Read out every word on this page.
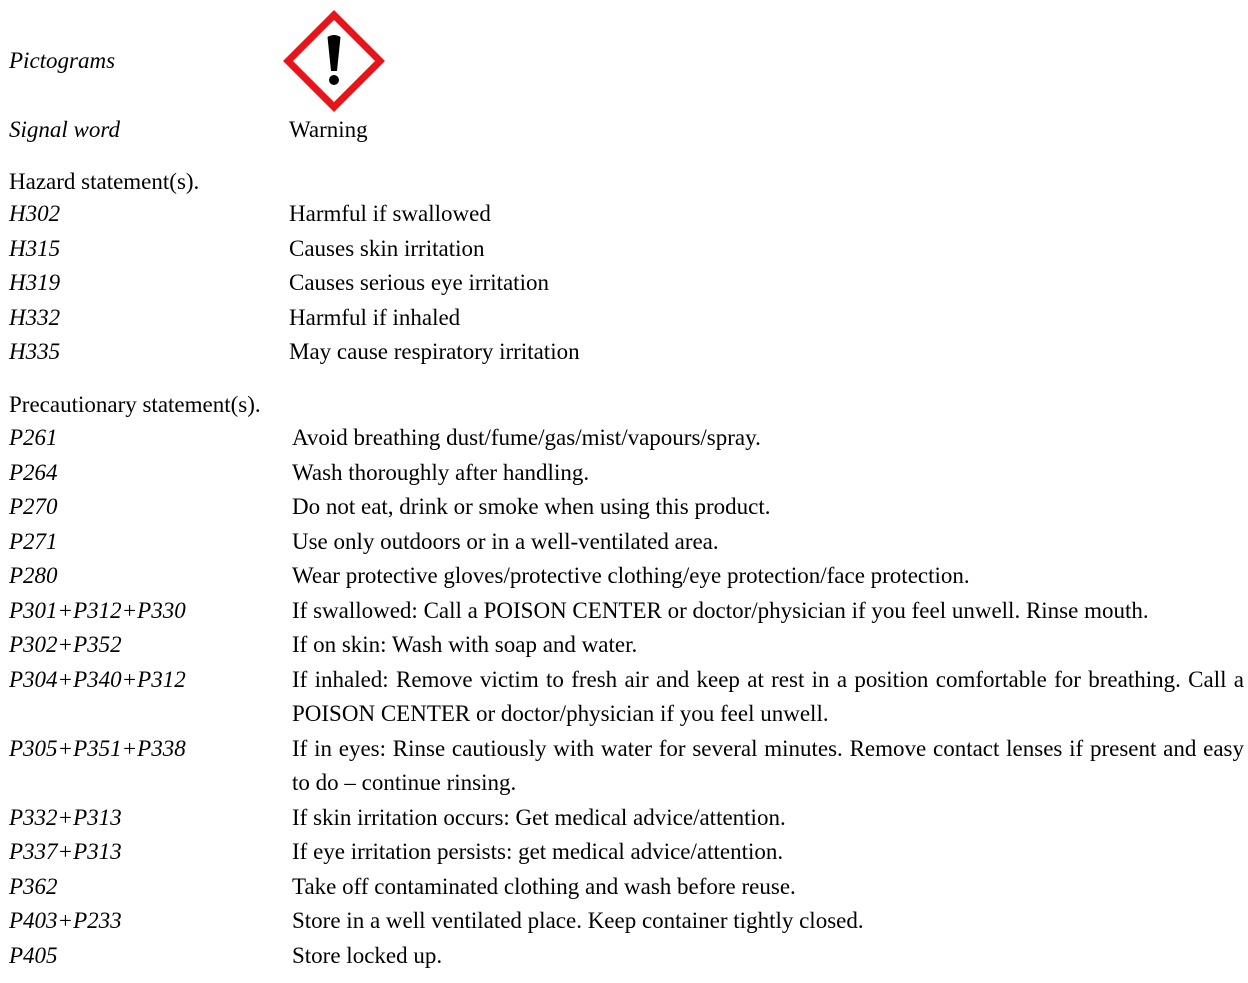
Pictograms
Signal word	Warning
Hazard statement(s).
H302	Harmful if swallowed
H315	Causes skin irritation
H319	Causes serious eye irritation
H332	Harmful if inhaled
H335	May cause respiratory irritation
Precautionary statement(s).
P261	Avoid breathing dust/fume/gas/mist/vapours/spray.
P264	Wash thoroughly after handling.
P270	Do not eat, drink or smoke when using this product.
P271	Use only outdoors or in a well-ventilated area.
P280	Wear protective gloves/protective clothing/eye protection/face protection.
P301+P312+P330	If swallowed: Call a POISON CENTER or doctor/physician if you feel unwell. Rinse mouth.
P302+P352	If on skin: Wash with soap and water.
P304+P340+P312	If inhaled: Remove victim to fresh air and keep at rest in a position comfortable for breathing. Call a POISON CENTER or doctor/physician if you feel unwell.
P305+P351+P338	If in eyes: Rinse cautiously with water for several minutes. Remove contact lenses if present and easy to do – continue rinsing.
P332+P313	If skin irritation occurs: Get medical advice/attention.
P337+P313	If eye irritation persists: get medical advice/attention.
P362	Take off contaminated clothing and wash before reuse.
P403+P233	Store in a well ventilated place. Keep container tightly closed.
P405	Store locked up.
